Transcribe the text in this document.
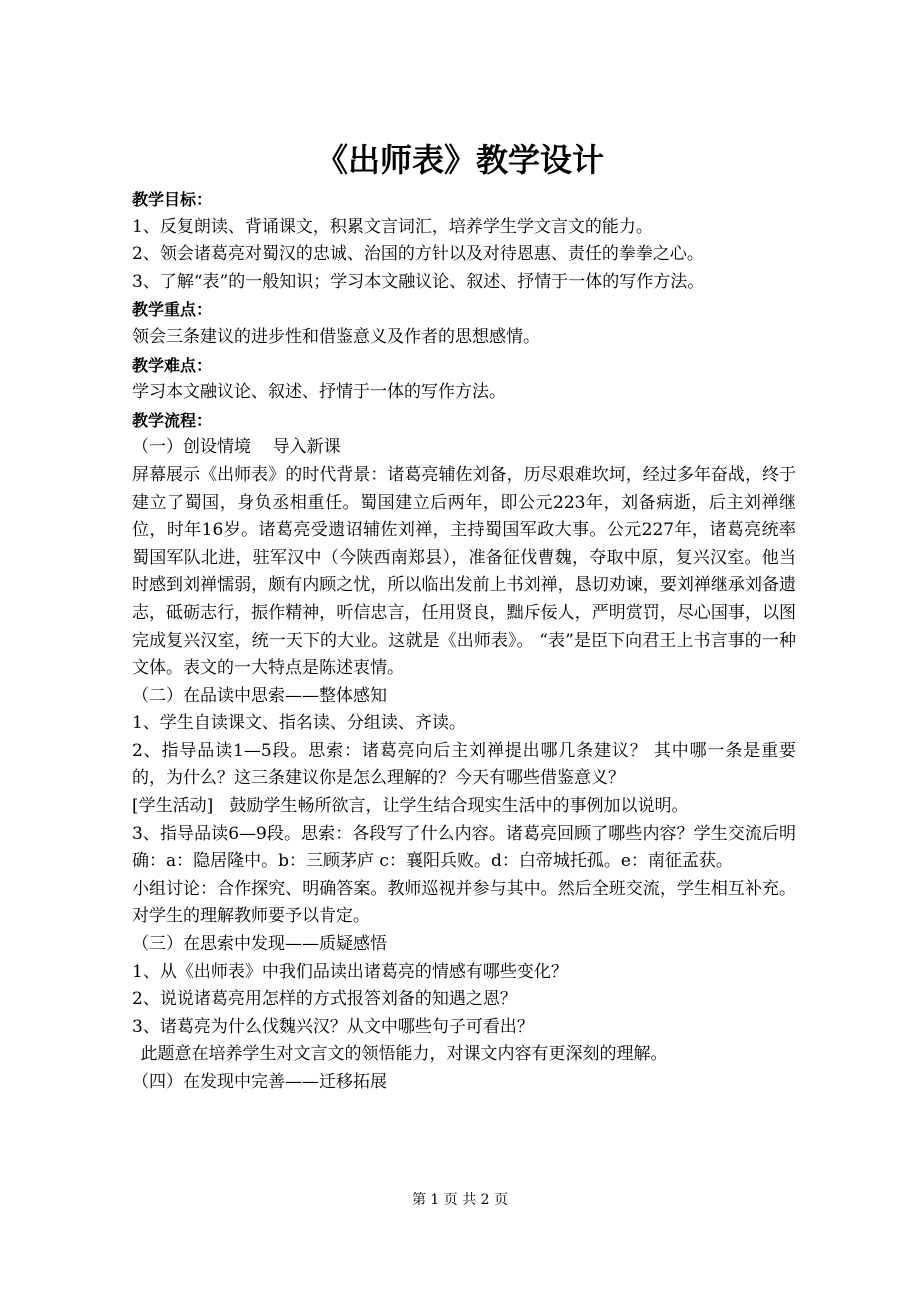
《出师表》教学设计

教学目标：

1、反复朗读、背诵课文，积累文言词汇，培养学生学文言文的能力。

2、领会诸葛亮对蜀汉的忠诚、治国的方针以及对待恩惠、责任的拳拳之心。

3、了解“表”的一般知识；学习本文融议论、叙述、抒情于一体的写作方法。

教学重点：

领会三条建议的进步性和借鉴意义及作者的思想感情。

教学难点：

学习本文融议论、叙述、抒情于一体的写作方法。

教学流程：

（一）创设情境    导入新课

屏幕展示《出师表》的时代背景：诸葛亮辅佐刘备，历尽艰难坎坷，经过多年奋战，终于建立了蜀国，身负丞相重任。蜀国建立后两年，即公元223年，刘备病逝，后主刘禅继位，时年16岁。诸葛亮受遗诏辅佐刘禅，主持蜀国军政大事。公元227年，诸葛亮统率蜀国军队北进，驻军汉中（今陕西南郑县），准备征伐曹魏，夺取中原，复兴汉室。他当时感到刘禅懦弱，颇有内顾之忧，所以临出发前上书刘禅，恳切劝谏，要刘禅继承刘备遗志，砥砺志行，振作精神，听信忠言，任用贤良，黜斥佞人，严明赏罚，尽心国事，以图完成复兴汉室，统一天下的大业。这就是《出师表》。 “表”是臣下向君王上书言事的一种文体。表文的一大特点是陈述衷情。

（二）在品读中思索——整体感知

1、学生自读课文、指名读、分组读、齐读。

2、指导品读1—5段。思索：诸葛亮向后主刘禅提出哪几条建议？ 其中哪一条是重要的，为什么？这三条建议你是怎么理解的？今天有哪些借鉴意义？

[学生活动]   鼓励学生畅所欲言，让学生结合现实生活中的事例加以说明。

3、指导品读6—9段。思索：各段写了什么内容。诸葛亮回顾了哪些内容？学生交流后明确：a：隐居隆中。b：三顾茅庐 c：襄阳兵败。d：白帝城托孤。e：南征孟获。

小组讨论：合作探究、明确答案。教师巡视并参与其中。然后全班交流，学生相互补充。对学生的理解教师要予以肯定。

（三）在思索中发现——质疑感悟

1、从《出师表》中我们品读出诸葛亮的情感有哪些变化？

2、说说诸葛亮用怎样的方式报答刘备的知遇之恩？

3、诸葛亮为什么伐魏兴汉？从文中哪些句子可看出？

此题意在培养学生对文言文的领悟能力，对课文内容有更深刻的理解。

（四）在发现中完善——迁移拓展

第 1 页 共 2 页
